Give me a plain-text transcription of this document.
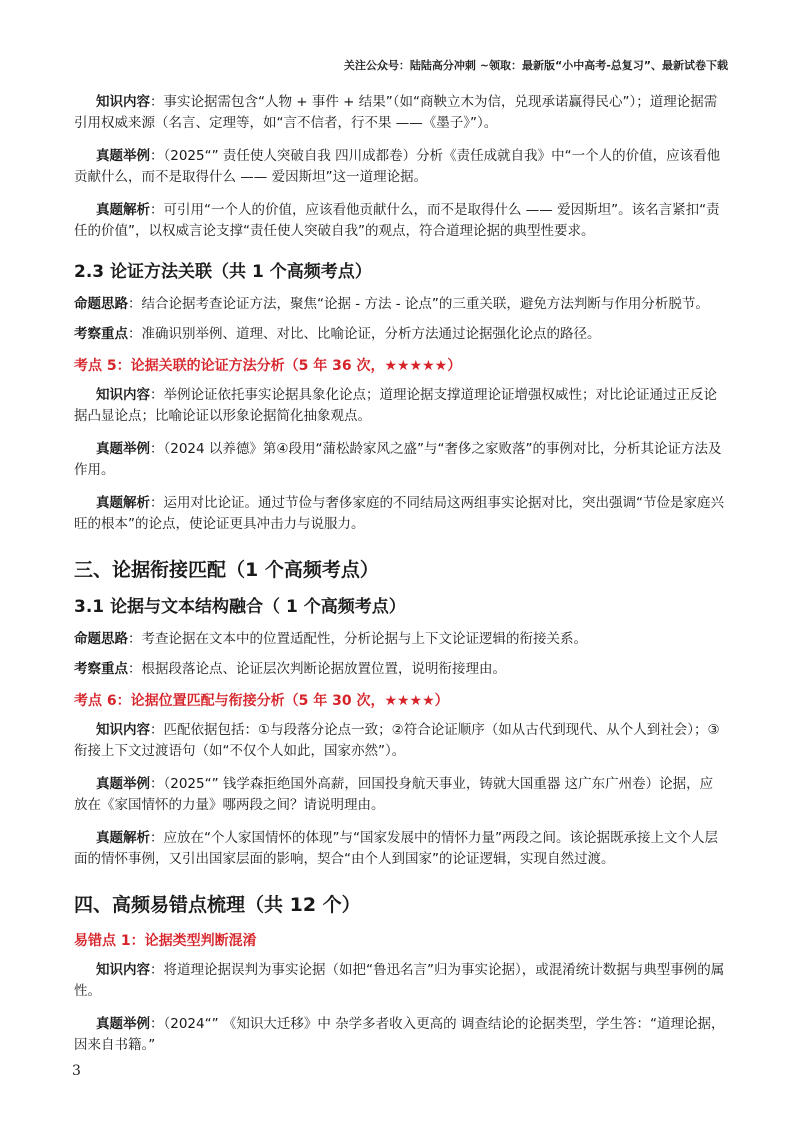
关注公众号：陆陆高分冲刺 ~领取：最新版“小中高考-总复习”、最新试卷下载

知识内容：事实论据需包含“人物 + 事件 + 结果”（如“商鞅立木为信，兑现承诺赢得民心”）；道理论据需引用权威来源（名言、定理等，如“言不信者，行不果 ——《墨子》”）。

真题举例：（2025“” 责任使人突破自我 四川成都卷）分析《责任成就自我》中“一个人的价值，应该看他贡献什么，而不是取得什么 —— 爱因斯坦”这一道理论据。

真题解析：可引用“一个人的价值，应该看他贡献什么，而不是取得什么 —— 爱因斯坦”。该名言紧扣“责任的价值”，以权威言论支撑“责任使人突破自我”的观点，符合道理论据的典型性要求。

2.3 论证方法关联（共 1 个高频考点）

命题思路：结合论据考查论证方法，聚焦“论据 - 方法 - 论点”的三重关联，避免方法判断与作用分析脱节。

考察重点：准确识别举例、道理、对比、比喻论证，分析方法通过论据强化论点的路径。

考点 5：论据关联的论证方法分析（5 年 36 次，★★★★★）

知识内容：举例论证依托事实论据具象化论点；道理论据支撑道理论证增强权威性；对比论证通过正反论据凸显论点；比喻论证以形象论据简化抽象观点。

真题举例：（2024 以养德》第④段用“蒲松龄家风之盛”与“奢侈之家败落”的事例对比，分析其论证方法及作用。

真题解析：运用对比论证。通过节俭与奢侈家庭的不同结局这两组事实论据对比，突出强调“节俭是家庭兴旺的根本”的论点，使论证更具冲击力与说服力。

三、论据衔接匹配（1 个高频考点）
3.1 论据与文本结构融合（ 1 个高频考点）

命题思路：考查论据在文本中的位置适配性，分析论据与上下文论证逻辑的衔接关系。

考察重点：根据段落论点、论证层次判断论据放置位置，说明衔接理由。

考点 6：论据位置匹配与衔接分析（5 年 30 次，★★★★）

知识内容：匹配依据包括：①与段落分论点一致；②符合论证顺序（如从古代到现代、从个人到社会）；③衔接上下文过渡语句（如“不仅个人如此，国家亦然”）。

真题举例：（2025“” 钱学森拒绝国外高薪，回国投身航天事业，铸就大国重器 这广东广州卷）论据，应放在《家国情怀的力量》哪两段之间？请说明理由。

真题解析：应放在“个人家国情怀的体现”与“国家发展中的情怀力量”两段之间。该论据既承接上文个人层面的情怀事例，又引出国家层面的影响，契合“由个人到国家”的论证逻辑，实现自然过渡。

四、高频易错点梳理（共 12 个）
易错点 1：论据类型判断混淆

知识内容：将道理论据误判为事实论据（如把“鲁迅名言”归为事实论据），或混淆统计数据与典型事例的属性。

真题举例：（2024“” 《知识大迁移》中 杂学多者收入更高的 调查结论的论据类型，学生答：“道理论据，因来自书籍。”

3
